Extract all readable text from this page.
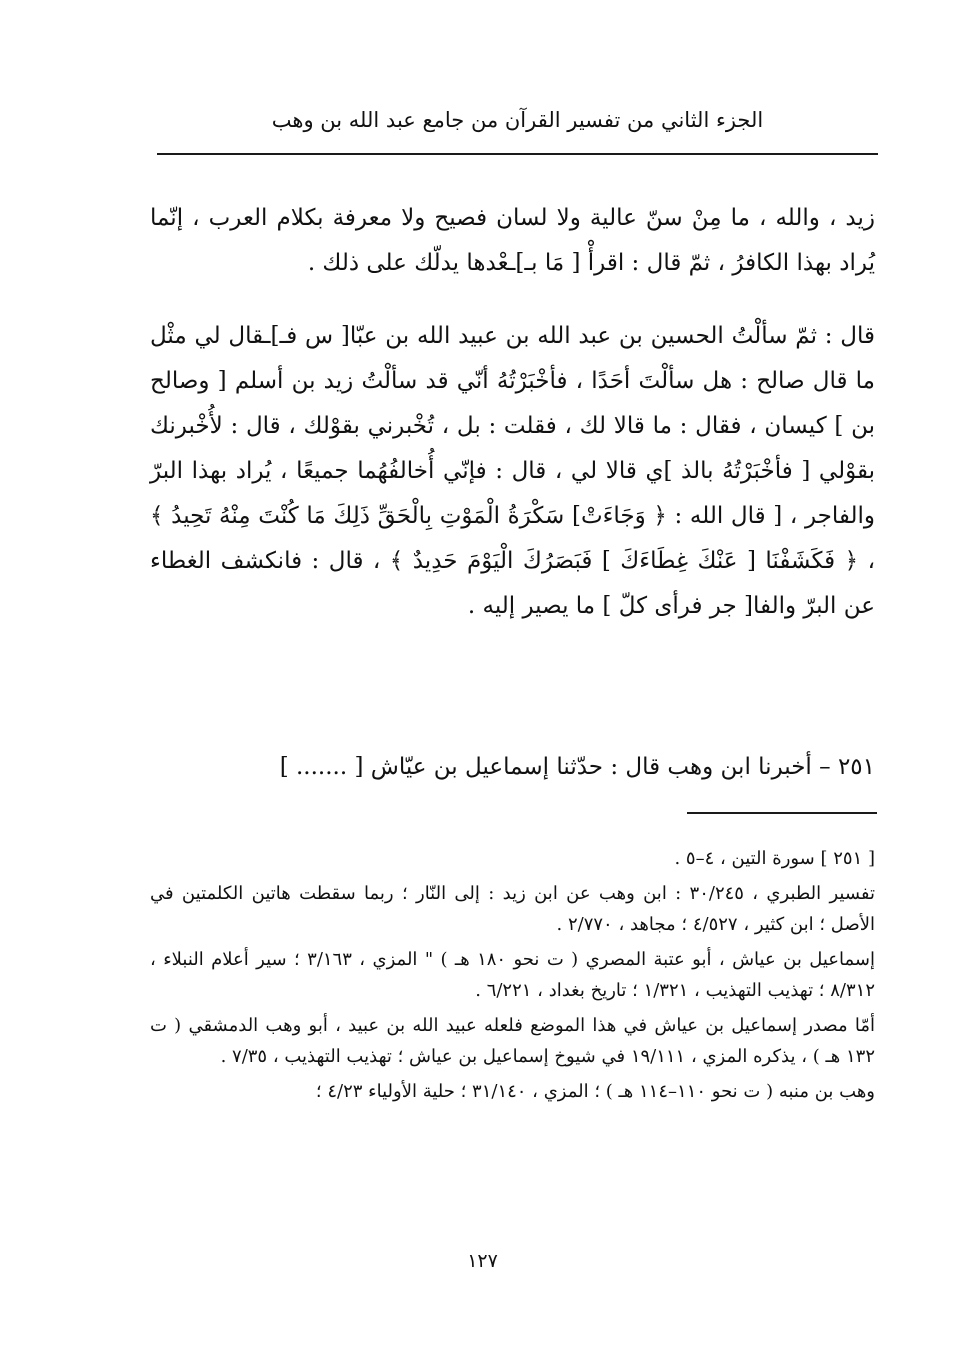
الجزء الثاني من تفسير القرآن من جامع عبد الله بن وهب

زيد ، والله ، ما مِنْ سنّ عالية ولا لسان فصيح ولا معرفة بكلام العرب ، إنّما يُراد بهذا الكافرُ ، ثمّ قال : اقرأْ [ مَا بـ]ـعْدها يدلّك على ذلك .

قال : ثمّ سألْتُ الحسين بن عبد الله بن عبيد الله بن عبّا[ س فـ]ـقال لي مثْل ما قال صالح : هل سألْتَ أحَدًا ، فأخْبَرْتُهُ أنّي قد سألْتُ زيد بن أسلم [ وصالح بن ] كيسان ، فقال : ما قالا لك ، فقلت : بل ، تُخْبرني بقوْلك ، قال : لأُخْبرنك بقوْلي [ فأخْبَرْتُهُ بالذ ]ي قالا لي ، قال : فإنّي أُخالفُهُما جميعًا ، يُراد بهذا البرّ والفاجر ، [ قال الله : ﴿ وَجَاءَتْ] سَكْرَةُ الْمَوْتِ بِالْحَقِّ ذَلِكَ مَا كُنْتَ مِنْهُ تَحِيدُ ﴾ ، ﴿ فَكَشَفْنَا [ عَنْكَ غِطَاءَكَ ] فَبَصَرُكَ الْيَوْمَ حَدِيدٌ ﴾ ، قال : فانكشف الغطاء عن البرّ والفا[ جر فرأى كلّ ] ما يصير إليه .

٢٥١ – أخبرنا ابن وهب قال : حدّثنا إسماعيل بن عيّاش [ ....... ]

[ ٢٥١ ] سورة التين ، ٤–٥ .

تفسير الطبري ، ٣٠/٢٤٥ : ابن وهب عن ابن زيد : إلى النّار ؛ ربما سقطت هاتين الكلمتين في الأصل ؛ ابن كثير ، ٤/٥٢٧ ؛ مجاهد ، ٢/٧٧٠ .

إسماعيل بن عياش ، أبو عتبة المصري ( ت نحو ١٨٠ هـ ) " المزي ، ٣/١٦٣ ؛ سير أعلام النبلاء ، ٨/٣١٢ ؛ تهذيب التهذيب ، ١/٣٢١ ؛ تاريخ بغداد ، ٦/٢٢١ .

أمّا مصدر إسماعيل بن عياش في هذا الموضع فلعله عبيد الله بن عبيد ، أبو وهب الدمشقي ( ت ١٣٢ هـ ) ، يذكره المزي ، ١٩/١١١ في شيوخ إسماعيل بن عياش ؛ تهذيب التهذيب ، ٧/٣٥ .

وهب بن منبه ( ت نحو ١١٠–١١٤ هـ ) ؛ المزي ، ٣١/١٤٠ ؛ حلية الأولياء ٤/٢٣ ؛

١٢٧
